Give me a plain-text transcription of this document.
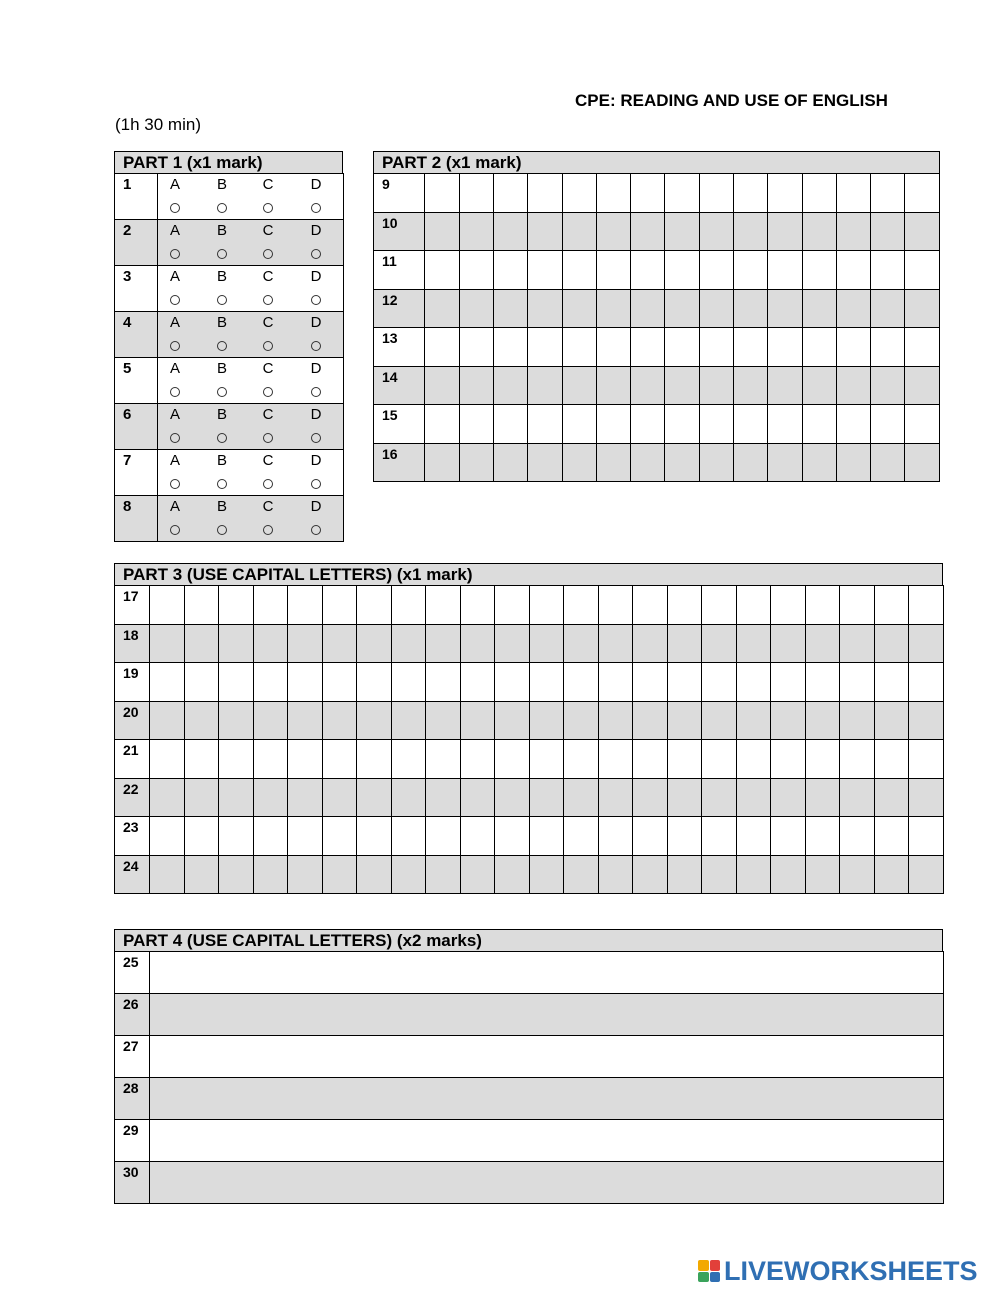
CPE: READING AND USE OF ENGLISH
(1h 30 min)
PART 1 (x1 mark)
1	A B C D

2	A B C D

3	A B C D

4	A B C D

5	A B C D

6	A B C D

7	A B C D

8	A B C D
PART 2 (x1 mark)
9															
10															
11															
12															
13															
14															
15															
16															
PART 3 (USE CAPITAL LETTERS) (x1 mark)
17																							
18																							
19																							
20																							
21																							
22																							
23																							
24																							
PART 4 (USE CAPITAL LETTERS) (x2 marks)
25	
26	
27	
28	
29	
30	
LIVEWORKSHEETS
